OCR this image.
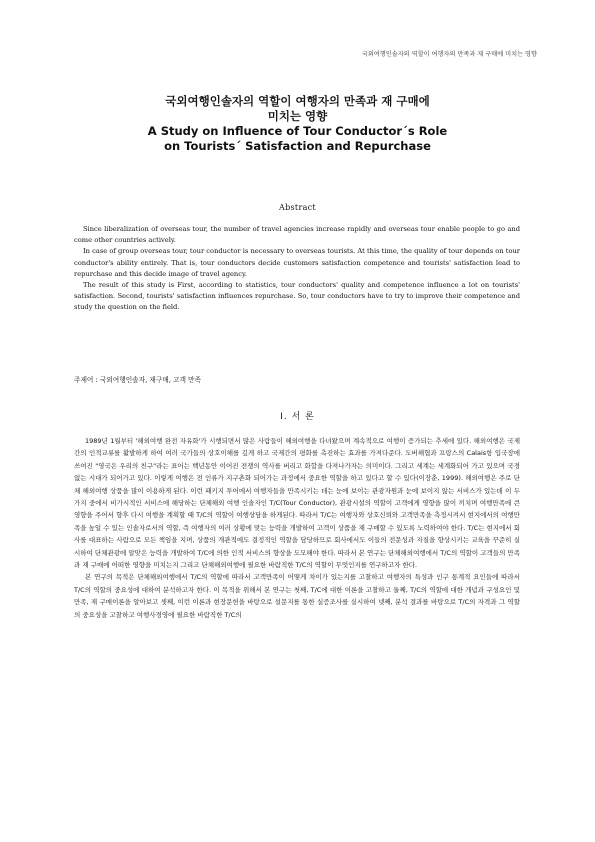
국외여행인솔자의 역할이 여행자의 만족과 재 구매에 미치는 영향

국외여행인솔자의 역할이 여행자의 만족과 재 구매에

미치는 영향

A Study on Influence of Tour Conductor´s Role

on Tourists´ Satisfaction and Repurchase

Abstract

Since liberalization of overseas tour, the number of travel agencies increase rapidly and overseas tour enable people to go and come other countries actively.

In case of group overseas tour, tour conductor is necessary to overseas tourists. At this time, the quality of tour depends on tour conductor's ability entirely. That is, tour conductors decide customers satisfaction competence and tourists' satisfaction lead to repurchase and this decide image of travel agency.

The result of this study is First, according to statistics, tour conductors' quality and competence influence a lot on tourists' satisfaction. Second, tourists' satisfaction influences repurchase. So, tour conductors have to try to improve their competence and study the question on the field.

주제어 : 국외여행인솔자, 재구매, 고객 만족
Ⅰ. 서 론

1989년 1월부터 '해외여행 완전 자유화'가 시행되면서 많은 사람들이 해외여행을 다녀왔으며 계속적으로 여행이 증가되는 추세에 있다. 해외여행은 국제간의 인적교류를 활발하게 하여 여러 국가들의 상호이해를 깊게 하고 국제간의 평화를 촉진하는 효과를 가져다준다. 도버해협과 프랑스의 Calais항 입국장에 쓰여진 "영국은 우리의 친구"라는 표어는 백년동안 이어진 전쟁의 역사를 버리고 화합을 다져나가자는 의미이다. 그리고 세계는 세계화되어 가고 있으며 국경 없는 시대가 되어가고 있다. 이렇게 여행은 전 인류가 지구촌화 되어가는 과정에서 중요한 역할을 하고 있다고 할 수 있다(이장춘, 1999). 해외여행은 주로 단체 해외여행 상품을 많이 이용하게 된다. 이런 패키지 투어에서 여행자들을 만족시키는 데는 눈에 보이는 관광자원과 눈에 보이지 않는 서비스가 있는데 이 두 가지 중에서 비가시적인 서비스에 해당하는 단체해외 여행 인솔자인 T/C(Tour Conductor), 관광시설의 역할이 고객에게 영향을 많이 끼치며 여행만족에 큰 영향을 주어서 향후 다시 여행을 계획할 때 T/C의 역할이 여행상담을 하게된다. 따라서 T/C는 여행자와 상호신뢰와 고객만족을 측정시켜서 현지에서의 여행만족을 높일 수 있는 인솔자로서의 역할, 즉 여행자의 여러 상황에 맞는 능력을 개발하여 고객이 상품을 재 구매할 수 있도록 노력하여야 한다. T/C는 현지에서 회사를 대표하는 사람으로 모든 책임을 지며, 상품의 개관적에도 결정적인 역할을 담당하므로 회사에서도 이들의 전문성과 자질을 향상시키는 교육을 꾸준히 실시하여 단체관광에 알맞은 능력을 개발하여 T/C에 의한 인적 서비스의 향상을 도모해야 한다. 따라서 본 연구는 단체해외여행에서 T/C의 역할이 고객들의 만족과 재 구매에 어떠한 영향을 미치는지 그리고 단체해외여행에 필요한 바람직한 T/C의 역할이 무엇인지를 연구하고자 한다.

본 연구의 목적은 단체해외여행에서 T/C의 역할에 따라서 고객만족이 어떻게 차이가 있는지를 고찰하고 여행자의 특성과 인구 통계적 요인들에 따라서 T/C의 역할의 중요성에 대하여 분석하고자 한다. 이 목적을 위해서 본 연구는 첫째, T/C에 대한 이론을 고찰하고 둘째, T/C의 역할에 대한 개념과 구성요인 및 만족, 재 구매이론을 알아보고 셋째, 이런 이론과 현장문헌을 바탕으로 설문지를 통한 실증조사를 실시하여 넷째, 분석 결과를 바탕으로 T/C의 자격과 그 역할의 중요성을 고찰하고 여행사경영에 필요한 바람직한 T/C의
